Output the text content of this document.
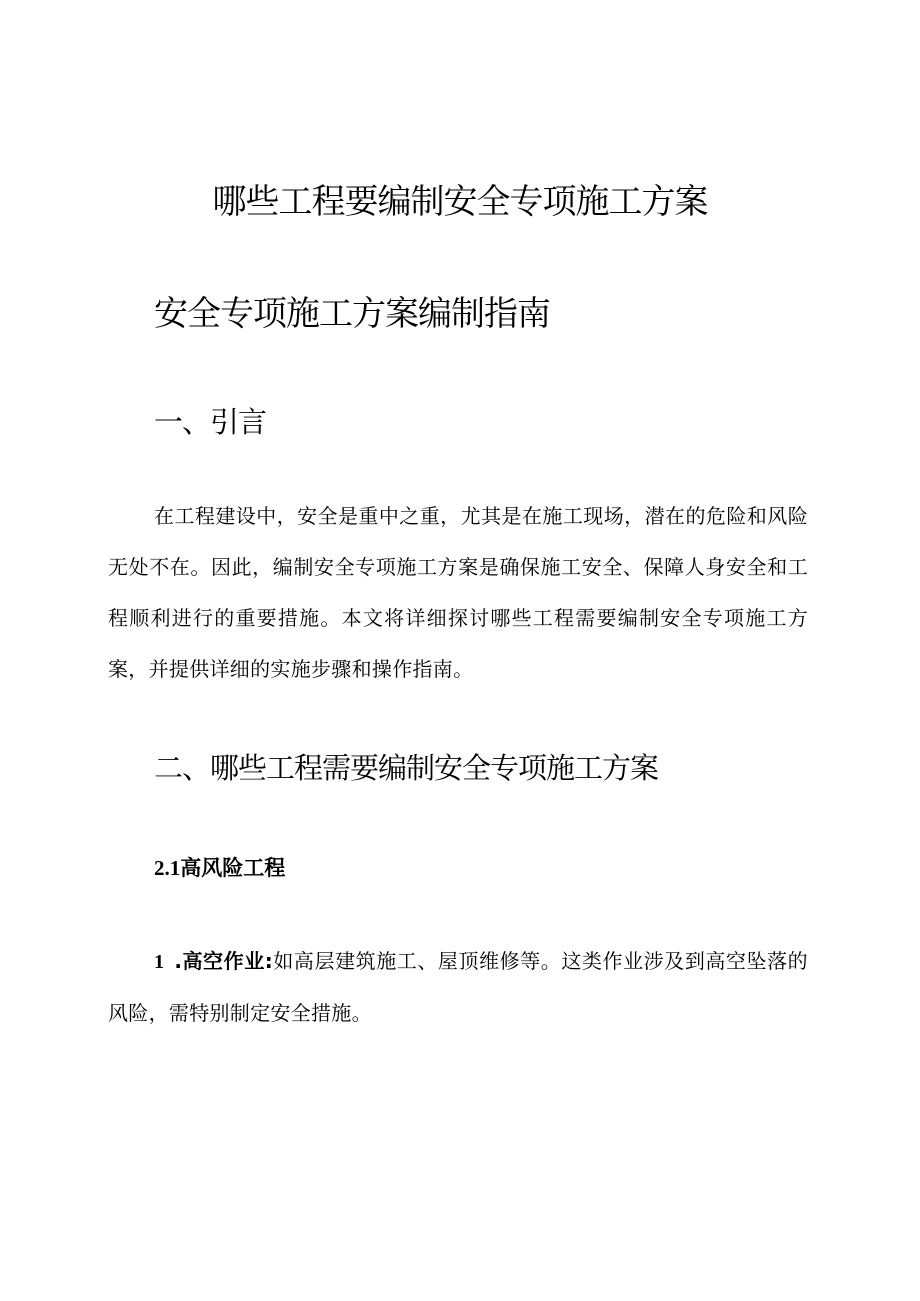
哪些工程要编制安全专项施工方案
安全专项施工方案编制指南
一、引言

在工程建设中，安全是重中之重，尤其是在施工现场，潜在的危险和风险无处不在。因此，编制安全专项施工方案是确保施工安全、保障人身安全和工程顺利进行的重要措施。本文将详细探讨哪些工程需要编制安全专项施工方案，并提供详细的实施步骤和操作指南。

二、哪些工程需要编制安全专项施工方案
2.1高风险工程

1 .高空作业:如高层建筑施工、屋顶维修等。这类作业涉及到高空坠落的风险，需特别制定安全措施。
